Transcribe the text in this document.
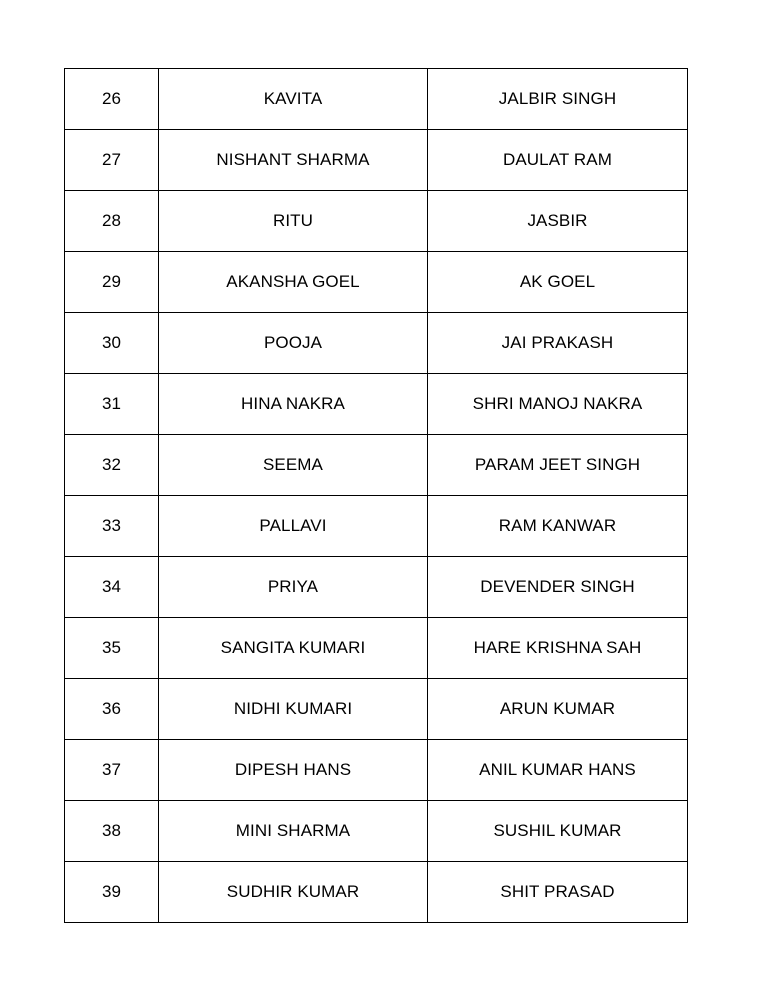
26	KAVITA	JALBIR SINGH
27	NISHANT SHARMA	DAULAT RAM
28	RITU	JASBIR
29	AKANSHA GOEL	AK GOEL
30	POOJA	JAI PRAKASH
31	HINA NAKRA	SHRI MANOJ NAKRA
32	SEEMA	PARAM JEET SINGH
33	PALLAVI	RAM KANWAR
34	PRIYA	DEVENDER SINGH
35	SANGITA KUMARI	HARE KRISHNA SAH
36	NIDHI KUMARI	ARUN KUMAR
37	DIPESH HANS	ANIL KUMAR HANS
38	MINI SHARMA	SUSHIL KUMAR
39	SUDHIR KUMAR	SHIT PRASAD
